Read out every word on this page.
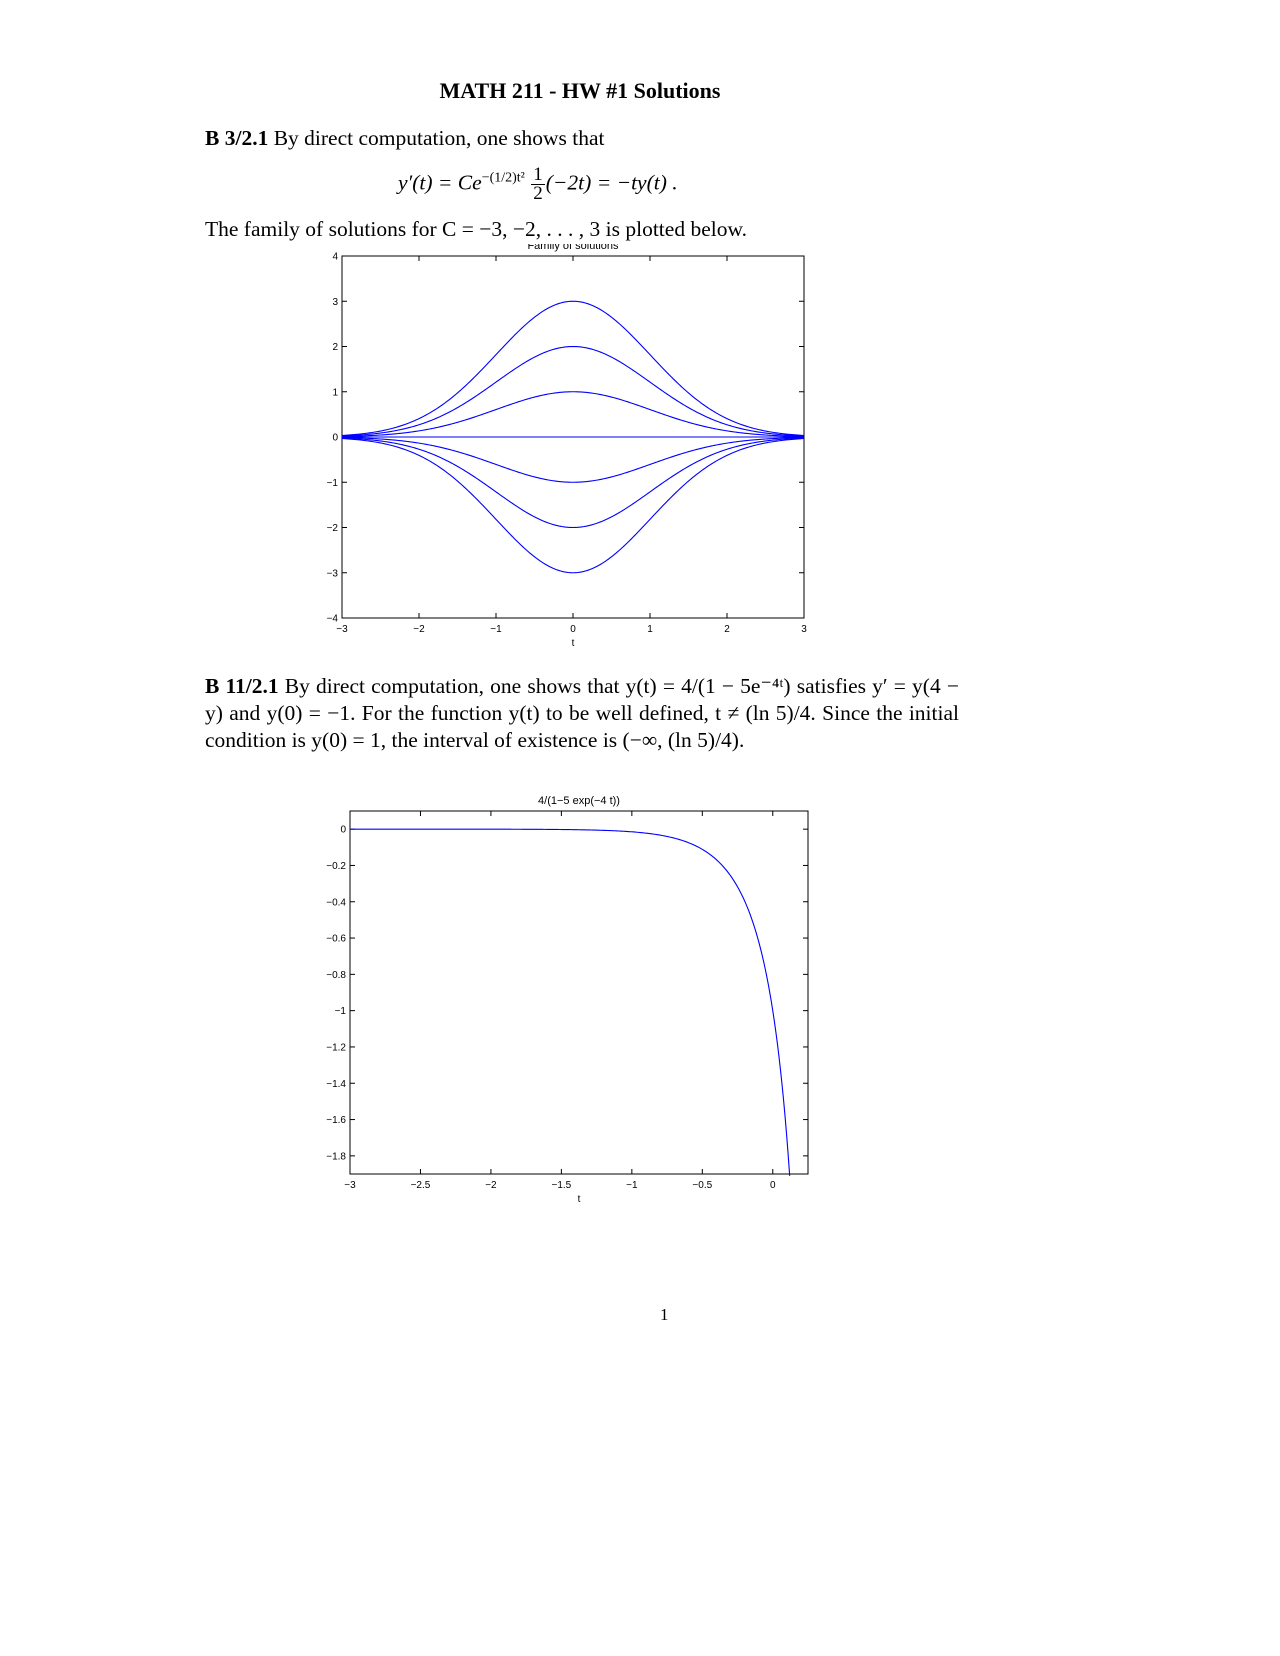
MATH 211 - HW #1 Solutions
B 3/2.1 By direct computation, one shows that
$y'(t) = Ce^{-(1/2)t^2} \frac{1}{2} (-2t) = -ty(t)$ .
The family of solutions for C = −3, −2, . . . , 3 is plotted below.
Family of solutions
−3	−2	−1	0	1	2	3
4
3
2
1
0
−1
−2
−3
−4
t
B 11/2.1 By direct computation, one shows that y(t) = 4/(1 − 5e⁻⁴ᵗ) satisfies y′ = y(4 − y) and y(0) = −1. For the function y(t) to be well defined, t ≠ (ln 5)/4. Since the initial condition is y(0) = 1, the interval of existence is (−∞, (ln 5)/4).
4/(1−5 exp(−4 t))
−3	−2.5	−2	−1.5	−1	−0.5	0
0
−0.2
−0.4
−0.6
−0.8
−1
−1.2
−1.4
−1.6
−1.8
t
1
